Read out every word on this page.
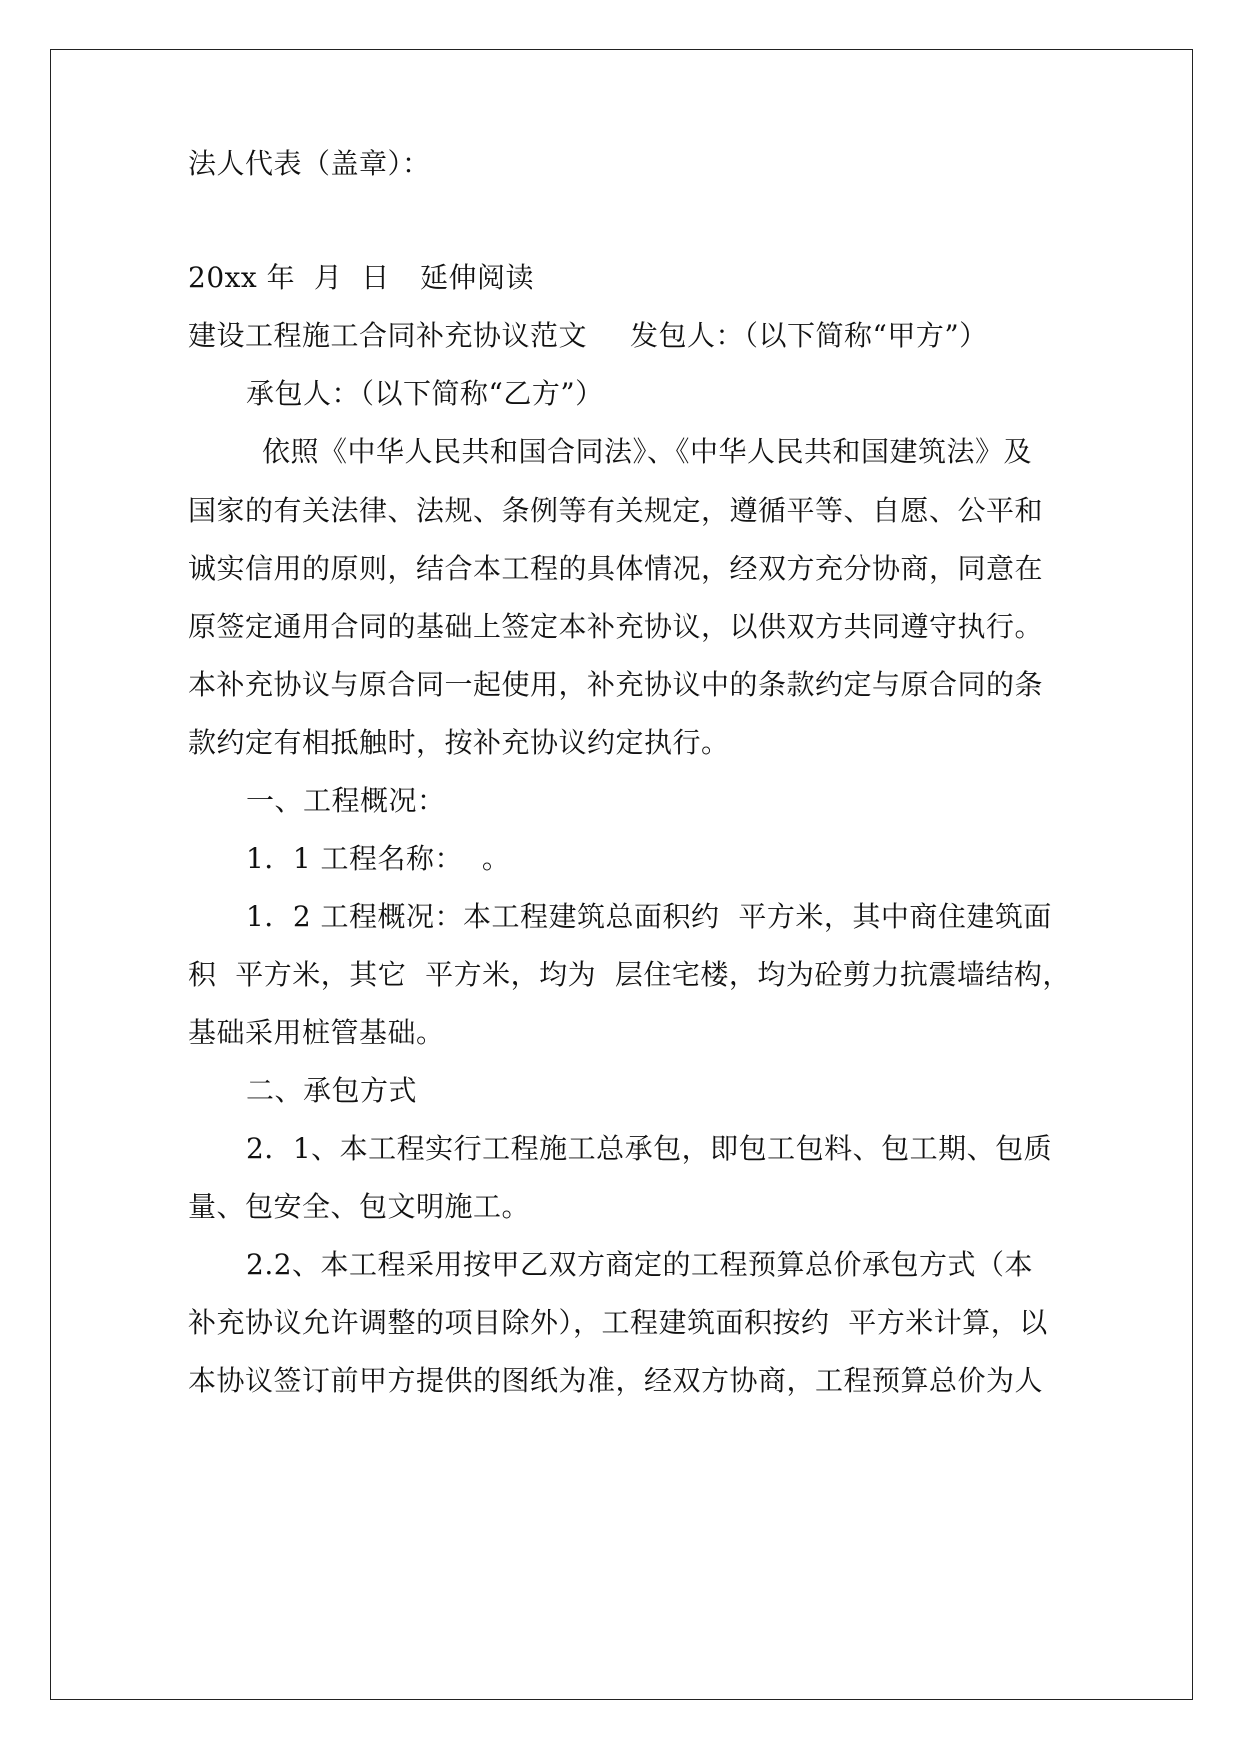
法人代表（盖章）：
20xx 年  月  日 延伸阅读
建设工程施工合同补充协议范文 发包人：（以下简称“甲方”）
承包人：（以下简称“乙方”）
依照《中华人民共和国合同法》、《中华人民共和国建筑法》及
国家的有关法律、法规、条例等有关规定，遵循平等、自愿、公平和
诚实信用的原则，结合本工程的具体情况，经双方充分协商，同意在
原签定通用合同的基础上签定本补充协议，以供双方共同遵守执行。
本补充协议与原合同一起使用，补充协议中的条款约定与原合同的条
款约定有相抵触时，按补充协议约定执行。
一、工程概况：
1．1 工程名称：  。
1．2 工程概况：本工程建筑总面积约  平方米，其中商住建筑面
积  平方米，其它  平方米，均为  层住宅楼，均为砼剪力抗震墙结构，
基础采用桩管基础。
二、承包方式
2．1、本工程实行工程施工总承包，即包工包料、包工期、包质
量、包安全、包文明施工。
2.2、本工程采用按甲乙双方商定的工程预算总价承包方式（本
补充协议允许调整的项目除外），工程建筑面积按约  平方米计算，以
本协议签订前甲方提供的图纸为准，经双方协商，工程预算总价为人
